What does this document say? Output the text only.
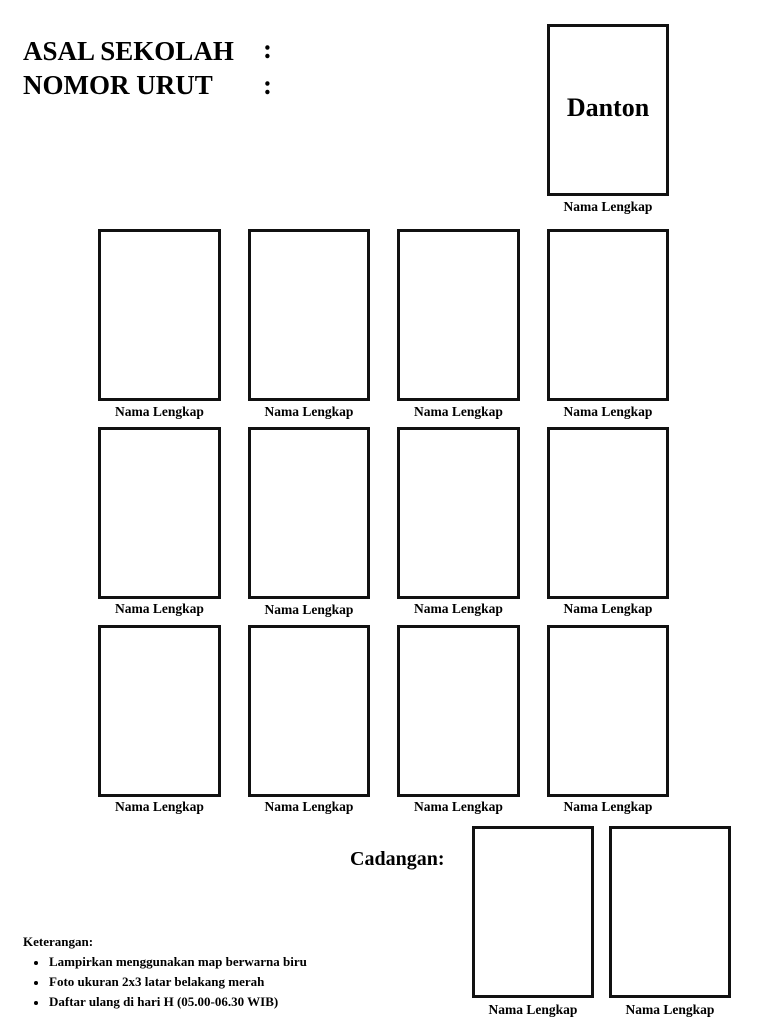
ASAL SEKOLAH :
NOMOR URUT :
Danton
Nama Lengkap
Nama Lengkap	Nama Lengkap	Nama Lengkap	Nama Lengkap
Nama Lengkap	Nama Lengkap	Nama Lengkap	Nama Lengkap
Nama Lengkap	Nama Lengkap	Nama Lengkap	Nama Lengkap
Cadangan:
Nama Lengkap	Nama Lengkap
Keterangan:
Lampirkan menggunakan map berwarna biru
Foto ukuran 2x3 latar belakang merah
Daftar ulang di hari H (05.00-06.30 WIB)
